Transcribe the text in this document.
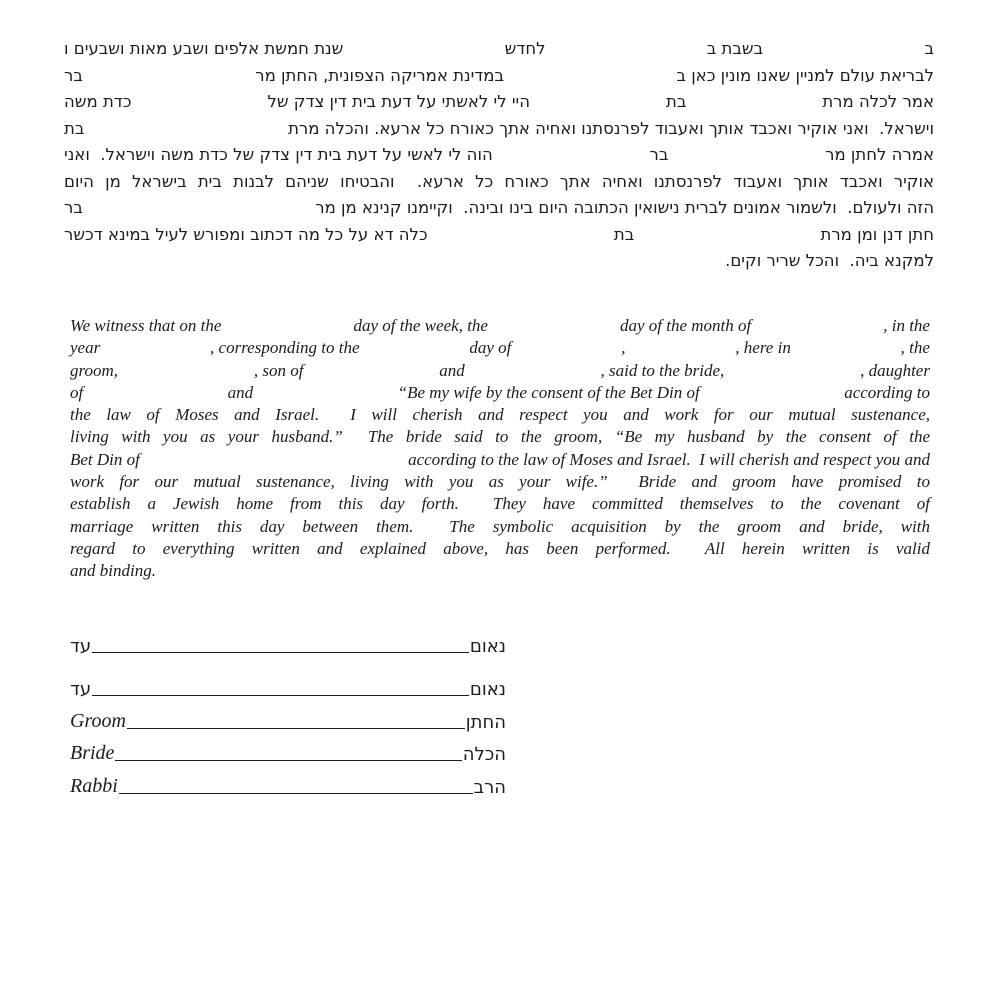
ב
בשבת ב
לחדש
שנת חמשת אלפים ושבע מאות ושבעים ו
לבריאת עולם למניין שאנו מונין כאן ב
במדינת אמריקה הצפונית, החתן מר
בר
אמר לכלה מרת
בת
היי לי לאשתי על דעת בית דין צדק של
כדת משה
וישראל.  ואני אוקיר ואכבד אותך ואעבוד לפרנסתנו ואחיה אתך כאורח כל ארעא. והכלה מרת
בת
אמרה לחתן מר
בר
הוה לי לאשי על דעת בית דין צדק של כדת משה וישראל.  ואני
אוקיר ואכבד אותך ואעבוד לפרנסתנו ואחיה אתך כאורח כל ארעא.  והבטיחו שניהם לבנות בית בישראל מן היום
הזה ולעולם.  ולשמור אמונים לברית נישואין הכתובה היום בינו ובינה.  וקיימנו קנינא מן מר
בר
חתן דנן ומן מרת
בת
כלה דא על כל מה דכתוב ומפורש לעיל במינא דכשר
למקנא ביה.  והכל שריר וקים.
We witness that on the	day of the week, the	day of the month of	, in the
year	, corresponding to the	day of	,	, here in	, the
groom,	, son of	and	, said to the bride,	, daughter
of	and	“Be my wife by the consent of the Bet Din of	according to
the law of Moses and Israel.  I will cherish and respect you and work for our mutual sustenance,
living with you as your husband.”  The bride said to the groom, “Be my husband by the consent of the
Bet Din of	according to the law of Moses and Israel.  I will cherish and respect you and
work for our mutual sustenance, living with you as your wife.”  Bride and groom have promised to
establish a Jewish home from this day forth.  They have committed themselves to the covenant of
marriage written this day between them.  The symbolic acquisition by the groom and bride, with
regard to everything written and explained above, has been performed.  All herein written is valid
and binding.
עד	נאום
עד	נאום
Groom	החתן
Bride	הכלה
Rabbi	הרב
